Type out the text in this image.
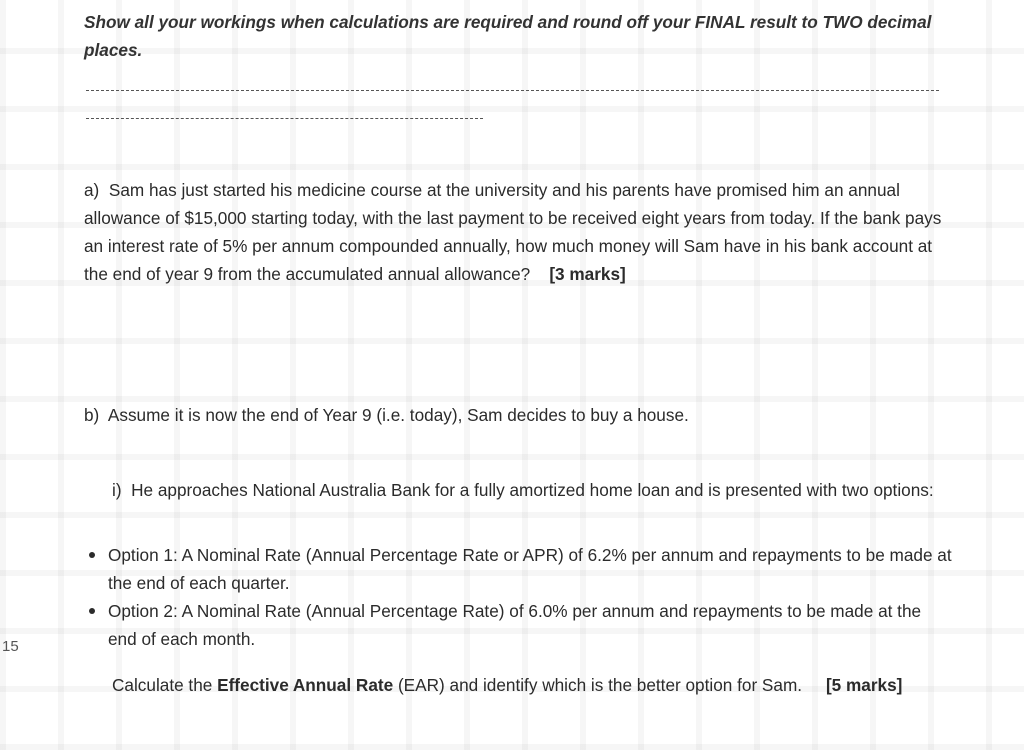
Show all your workings when calculations are required and round off your FINAL result to TWO decimal places.

a) Sam has just started his medicine course at the university and his parents have promised him an annual allowance of $15,000 starting today, with the last payment to be received eight years from today. If the bank pays an interest rate of 5% per annum compounded annually, how much money will Sam have in his bank account at the end of year 9 from the accumulated annual allowance? [3 marks]

b) Assume it is now the end of Year 9 (i.e. today), Sam decides to buy a house.

i) He approaches National Australia Bank for a fully amortized home loan and is presented with two options:

Option 1: A Nominal Rate (Annual Percentage Rate or APR) of 6.2% per annum and repayments to be made at the end of each quarter.
Option 2: A Nominal Rate (Annual Percentage Rate) of 6.0% per annum and repayments to be made at the end of each month.

Calculate the Effective Annual Rate (EAR) and identify which is the better option for Sam. [5 marks]

15
